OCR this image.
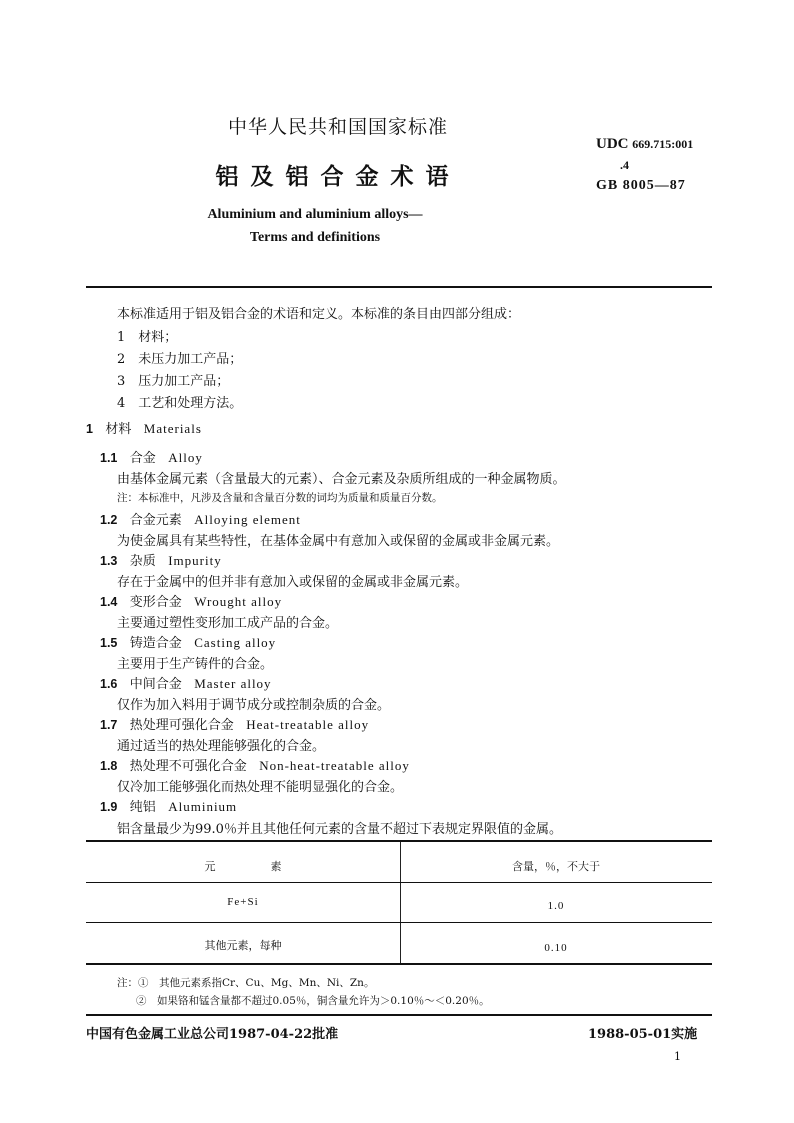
中华人民共和国国家标准
铝及铝合金术语
Aluminium and aluminium alloys—
Terms and definitions
UDC 669.715:001
.4
GB 8005—87
本标准适用于铝及铝合金的术语和定义。本标准的条目由四部分组成：
1　材料；
2　未压力加工产品；
3　压力加工产品；
4　工艺和处理方法。
1 材料 Materials
1.1 合金 Alloy
由基体金属元素（含量最大的元素）、合金元素及杂质所组成的一种金属物质。
注：本标准中，凡涉及含量和含量百分数的词均为质量和质量百分数。
1.2 合金元素 Alloying element
为使金属具有某些特性，在基体金属中有意加入或保留的金属或非金属元素。
1.3 杂质 Impurity
存在于金属中的但并非有意加入或保留的金属或非金属元素。
1.4 变形合金 Wrought alloy
主要通过塑性变形加工成产品的合金。
1.5 铸造合金 Casting alloy
主要用于生产铸件的合金。
1.6 中间合金 Master alloy
仅作为加入料用于调节成分或控制杂质的合金。
1.7 热处理可强化合金 Heat-treatable alloy
通过适当的热处理能够强化的合金。
1.8 热处理不可强化合金 Non-heat-treatable alloy
仅冷加工能够强化而热处理不能明显强化的合金。
1.9 纯铝 Aluminium
铝含量最少为99.0％并且其他任何元素的含量不超过下表规定界限值的金属。
元　　　　　素	含量，％，不大于
Fe+Si	1.0
其他元素，每种	0.10
注：①　其他元素系指Cr、Cu、Mg、Mn、Ni、Zn。
②　如果铬和锰含量都不超过0.05％，铜含量允许为＞0.10％～＜0.20％。
中国有色金属工业总公司1987-04-22批准	1988-05-01实施
1
